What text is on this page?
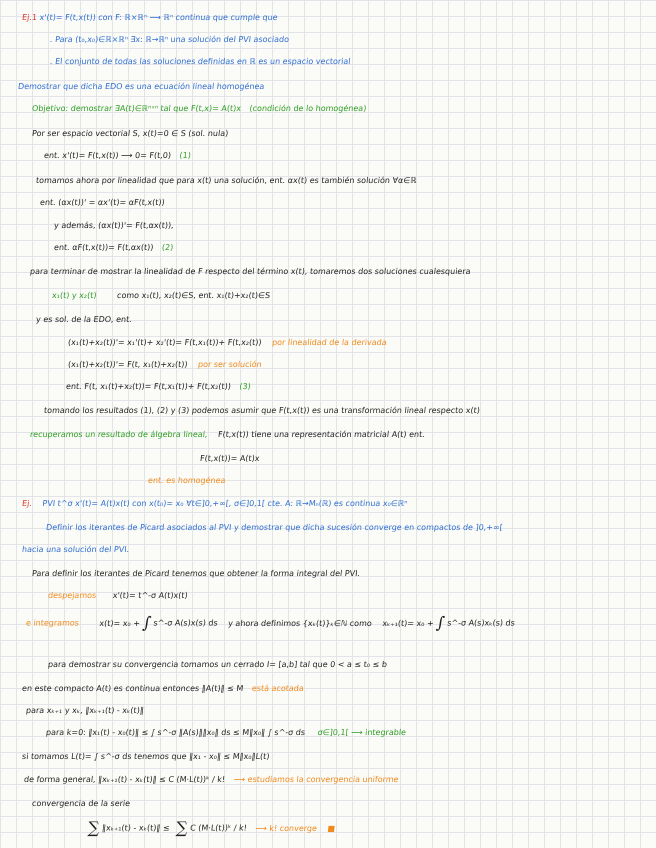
Ej.1 x'(t)= F(t,x(t)) con F: ℝ×ℝⁿ ⟶ ℝⁿ continua que cumple que
. Para (t₀,x₀)∈ℝ×ℝⁿ ∃x: ℝ→ℝⁿ una solución del PVI asociado
. El conjunto de todas las soluciones definidas en ℝ es un espacio vectorial
Demostrar que dicha EDO es una ecuación lineal homogénea
Objetivo: demostrar ∃A(t)∈ℝⁿˣⁿ tal que F(t,x)= A(t)x (condición de lo homogénea)
Por ser espacio vectorial S, x(t)=0 ∈ S (sol. nula)
ent. x'(t)= F(t,x(t)) ⟶ 0= F(t,0) (1)
tomamos ahora por linealidad que para x(t) una solución, ent. αx(t) es también solución ∀α∈ℝ
ent. (αx(t))' = αx'(t)= αF(t,x(t))
y además, (αx(t))'= F(t,αx(t)),
ent. αF(t,x(t))= F(t,αx(t)) (2)
para terminar de mostrar la linealidad de F respecto del término x(t), tomaremos dos soluciones cualesquiera
x₁(t) y x₂(t) como x₁(t), x₂(t)∈S, ent. x₁(t)+x₂(t)∈S
y es sol. de la EDO, ent.
(x₁(t)+x₂(t))'= x₁'(t)+ x₂'(t)= F(t,x₁(t))+ F(t,x₂(t)) por linealidad de la derivada
(x₁(t)+x₂(t))'= F(t, x₁(t)+x₂(t)) por ser solución
ent. F(t, x₁(t)+x₂(t))= F(t,x₁(t))+ F(t,x₂(t)) (3)
tomando los resultados (1), (2) y (3) podemos asumir que F(t,x(t)) es una transformación lineal respecto x(t)
recuperamos un resultado de álgebra lineal, F(t,x(t)) tiene una representación matricial A(t) ent.
F(t,x(t))= A(t)x
ent. es homogénea
Ej. PVI t^σ x'(t)= A(t)x(t) con x(t₀)= x₀ ∀t∈]0,+∞[, σ∈]0,1[ cte. A: ℝ→Mₙ(ℝ) es continua x₀∈ℝⁿ
Definir los iterantes de Picard asociados al PVI y demostrar que dicha sucesión converge en compactos de ]0,+∞[
hacia una solución del PVI.
Para definir los iterantes de Picard tenemos que obtener la forma integral del PVI.
despejamos x'(t)= t^-σ A(t)x(t)
e integramos x(t)= x₀ + ∫ s^-σ A(s)x(s) ds y ahora definimos {xₖ(t)}ₖ∈ℕ como xₖ₊₁(t)= x₀ + ∫ s^-σ A(s)xₖ(s) ds
para demostrar su convergencia tomamos un cerrado I= [a,b] tal que 0 < a ≤ t₀ ≤ b
en este compacto A(t) es continua entonces ‖A(t)‖ ≤ M está acotada
para xₖ₊₁ y xₖ, ‖xₖ₊₁(t) - xₖ(t)‖
para k=0: ‖x₁(t) - x₀(t)‖ ≤ ∫ s^-σ ‖A(s)‖‖x₀‖ ds ≤ M‖x₀‖ ∫ s^-σ ds σ∈]0,1[ ⟶ integrable
si tomamos L(t)= ∫ s^-σ ds tenemos que ‖x₁ - x₀‖ ≤ M‖x₀‖L(t)
de forma general, ‖xₖ₊₁(t) - xₖ(t)‖ ≤ C (M·L(t))ᵏ / k! ⟶ estudiamos la convergencia uniforme
convergencia de la serie
∑ ‖xₖ₊₁(t) - xₖ(t)‖ ≤ ∑ C (M·L(t))ᵏ / k! ⟶ k! converge ■
